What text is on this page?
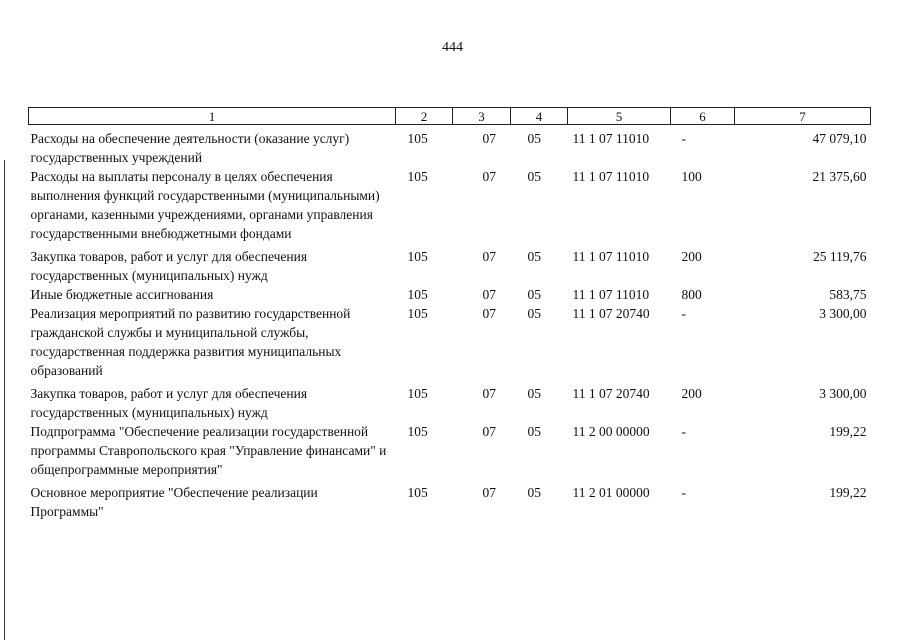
444
1	2	3	4	5	6	7
Расходы на обеспечение деятельности (оказание услуг) государственных учреждений	105	07	05	11 1 07 11010	-	47 079,10
Расходы на выплаты персоналу в целях обеспечения выполнения функций государственными (муниципальными) органами, казенными учреждениями, органами управления государственными внебюджетными фондами	105	07	05	11 1 07 11010	100	21 375,60
Закупка товаров, работ и услуг для обеспечения государственных (муниципальных) нужд	105	07	05	11 1 07 11010	200	25 119,76
Иные бюджетные ассигнования	105	07	05	11 1 07 11010	800	583,75
Реализация мероприятий по развитию государственной гражданской службы и муниципальной службы, государственная поддержка развития муниципальных образований	105	07	05	11 1 07 20740	-	3 300,00
Закупка товаров, работ и услуг для обеспечения государственных (муниципальных) нужд	105	07	05	11 1 07 20740	200	3 300,00
Подпрограмма "Обеспечение реализации государственной программы Ставропольского края "Управление финансами" и общепрограммные мероприятия"	105	07	05	11 2 00 00000	-	199,22
Основное мероприятие "Обеспечение реализации Программы"	105	07	05	11 2 01 00000	-	199,22
